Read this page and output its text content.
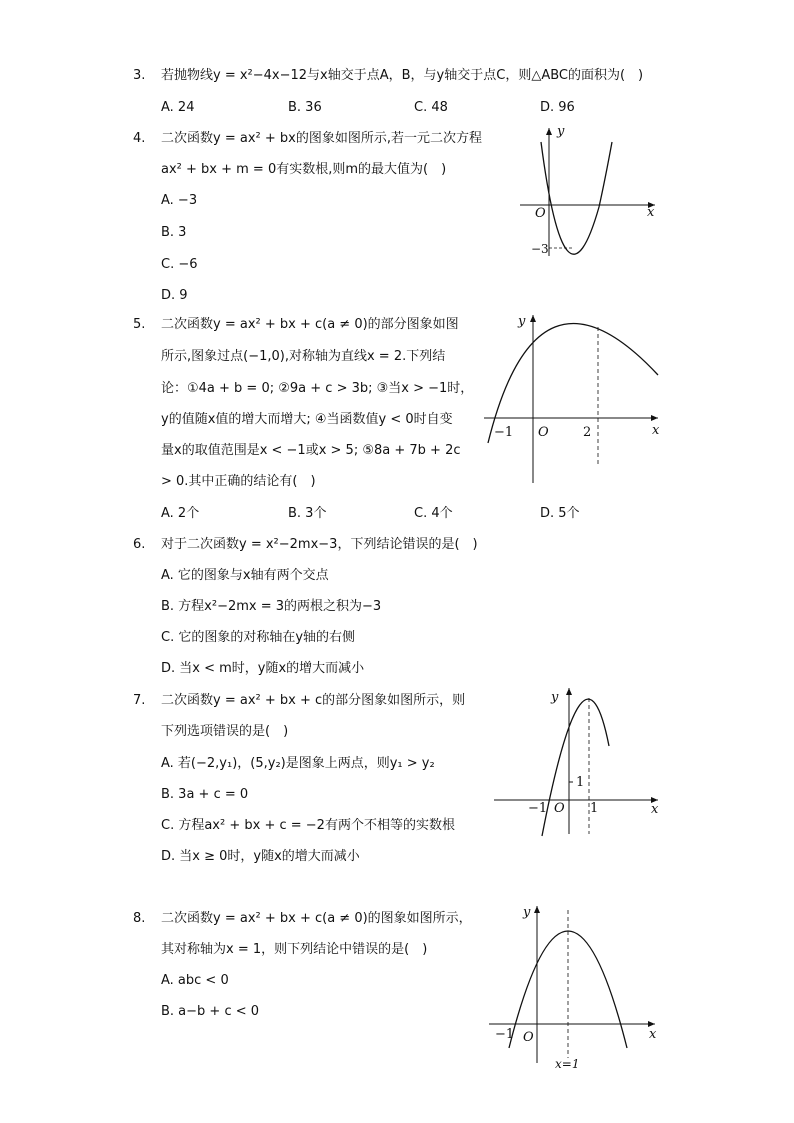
3. 若抛物线y = x²−4x−12与x轴交于点A，B，与y轴交于点C，则△ABC的面积为(　)
A. 24	B. 36	C. 48	D. 96
4. 二次函数y = ax² + bx的图象如图所示,若一元二次方程
ax² + bx + m = 0有实数根,则m的最大值为(　)
A. −3
B. 3
C. −6
D. 9
x
y
O
−3
5. 二次函数y = ax² + bx + c(a ≠ 0)的部分图象如图
所示,图象过点(−1,0),对称轴为直线x = 2.下列结
论：①4a + b = 0; ②9a + c > 3b; ③当x > −1时，
y的值随x值的增大而增大; ④当函数值y < 0时自变
量x的取值范围是x < −1或x > 5; ⑤8a + 7b + 2c
> 0.其中正确的结论有(　)
A. 2个	B. 3个	C. 4个	D. 5个
x
y
O
−1	2
6. 对于二次函数y = x²−2mx−3，下列结论错误的是(　)
A. 它的图象与x轴有两个交点
B. 方程x²−2mx = 3的两根之积为−3
C. 它的图象的对称轴在y轴的右侧
D. 当x < m时，y随x的增大而减小
7. 二次函数y = ax² + bx + c的部分图象如图所示，则
下列选项错误的是(　)
A. 若(−2,y₁)，(5,y₂)是图象上两点，则y₁ > y₂
B. 3a + c = 0
C. 方程ax² + bx + c = −2有两个不相等的实数根
D. 当x ≥ 0时，y随x的增大而减小
x
y
O
−1	1
1
8. 二次函数y = ax² + bx + c(a ≠ 0)的图象如图所示，
其对称轴为x = 1，则下列结论中错误的是(　)
A. abc < 0
B. a−b + c < 0
x
y
O
−1
x=1
